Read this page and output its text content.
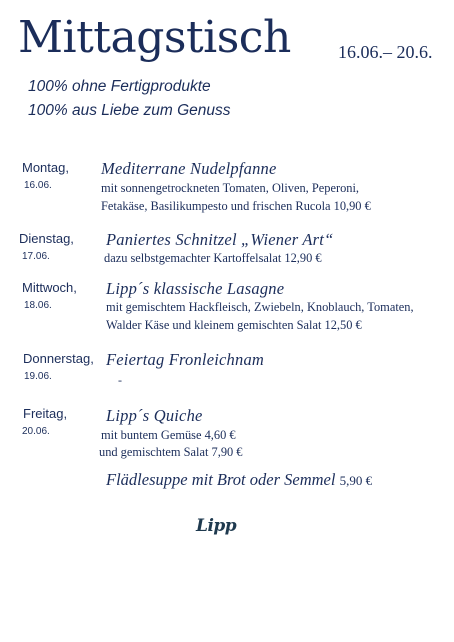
Mittagstisch	16.06.– 20.6.
100% ohne Fertigprodukte
100% aus Liebe zum Genuss
Montag,
16.06.
Mediterrane Nudelpfanne
mit sonnengetrockneten Tomaten, Oliven, Peperoni,
Fetakäse, Basilikumpesto und frischen Rucola 10,90 €
Dienstag,
17.06.
Paniertes Schnitzel „Wiener Art“
dazu selbstgemachter Kartoffelsalat 12,90 €
Mittwoch,
18.06.
Lipp´s klassische Lasagne
mit gemischtem Hackfleisch, Zwiebeln, Knoblauch, Tomaten,
Walder Käse und kleinem gemischten Salat 12,50 €
Donnerstag,
19.06.
Feiertag Fronleichnam
-
Freitag,
20.06.
Lipp´s Quiche
mit buntem Gemüse 4,60 €
und gemischtem Salat 7,90 €
Flädlesuppe mit Brot oder Semmel 5,90 €
Lipp
